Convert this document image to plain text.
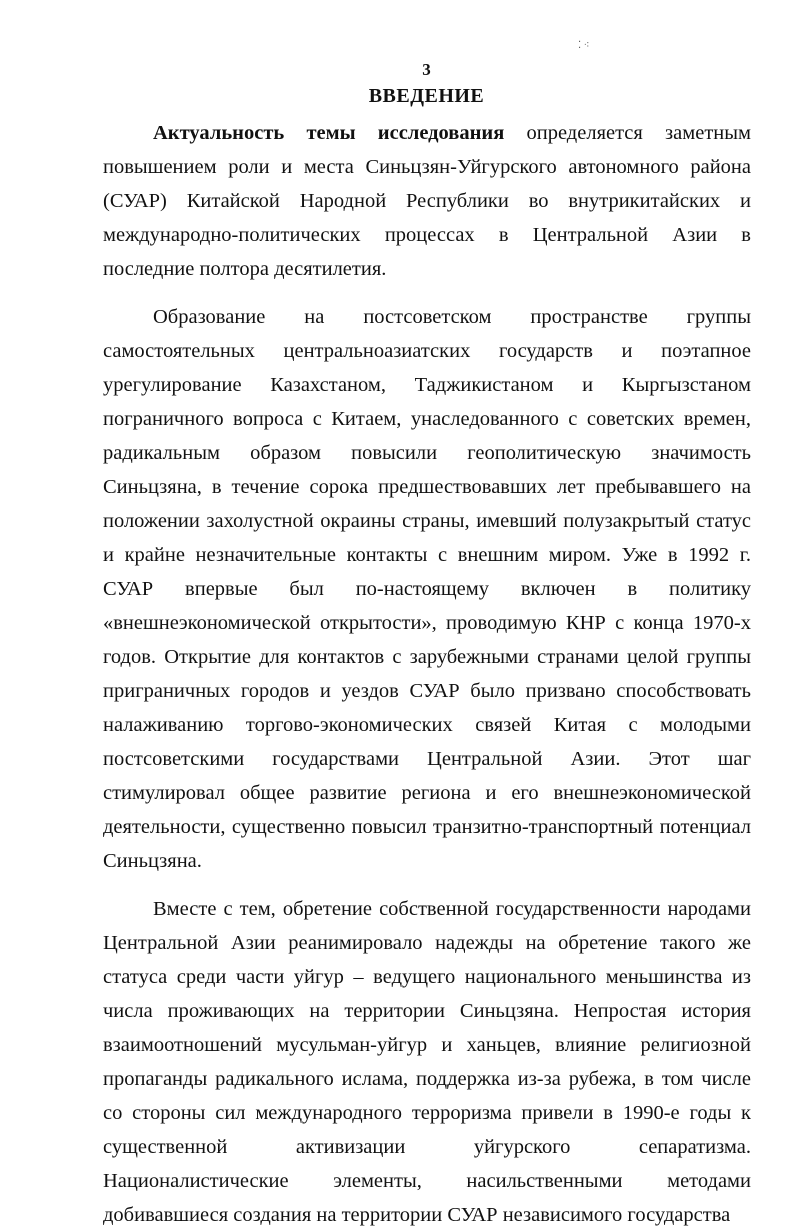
⁚ ⁖
3
ВВЕДЕНИЕ

Актуальность темы исследования определяется заметным повышением роли и места Синьцзян-Уйгурского автономного района (СУАР) Китайской Народной Республики во внутрикитайских и международно-политических процессах в Центральной Азии в последние полтора десятилетия.

Образование на постсоветском пространстве группы самостоятельных центральноазиатских государств и поэтапное урегулирование Казахстаном, Таджикистаном и Кыргызстаном пограничного вопроса с Китаем, унаследованного с советских времен, радикальным образом повысили геополитическую значимость Синьцзяна, в течение сорока предшествовавших лет пребывавшего на положении захолустной окраины страны, имевший полузакрытый статус и крайне незначительные контакты с внешним миром. Уже в 1992 г. СУАР впервые был по-настоящему включен в политику «внешнеэкономической открытости», проводимую КНР с конца 1970-х годов. Открытие для контактов с зарубежными странами целой группы приграничных городов и уездов СУАР было призвано способствовать налаживанию торгово-экономических связей Китая с молодыми постсоветскими государствами Центральной Азии. Этот шаг стимулировал общее развитие региона и его внешнеэкономической деятельности, существенно повысил транзитно-транспортный потенциал Синьцзяна.

Вместе с тем, обретение собственной государственности народами Центральной Азии реанимировало надежды на обретение такого же статуса среди части уйгур – ведущего национального меньшинства из числа проживающих на территории Синьцзяна. Непростая история взаимоотношений мусульман-уйгур и ханьцев, влияние религиозной пропаганды радикального ислама, поддержка из-за рубежа, в том числе со стороны сил международного терроризма привели в 1990-е годы к существенной активизации уйгурского сепаратизма. Националистические элементы, насильственными методами добивавшиеся создания на территории СУАР независимого государства
